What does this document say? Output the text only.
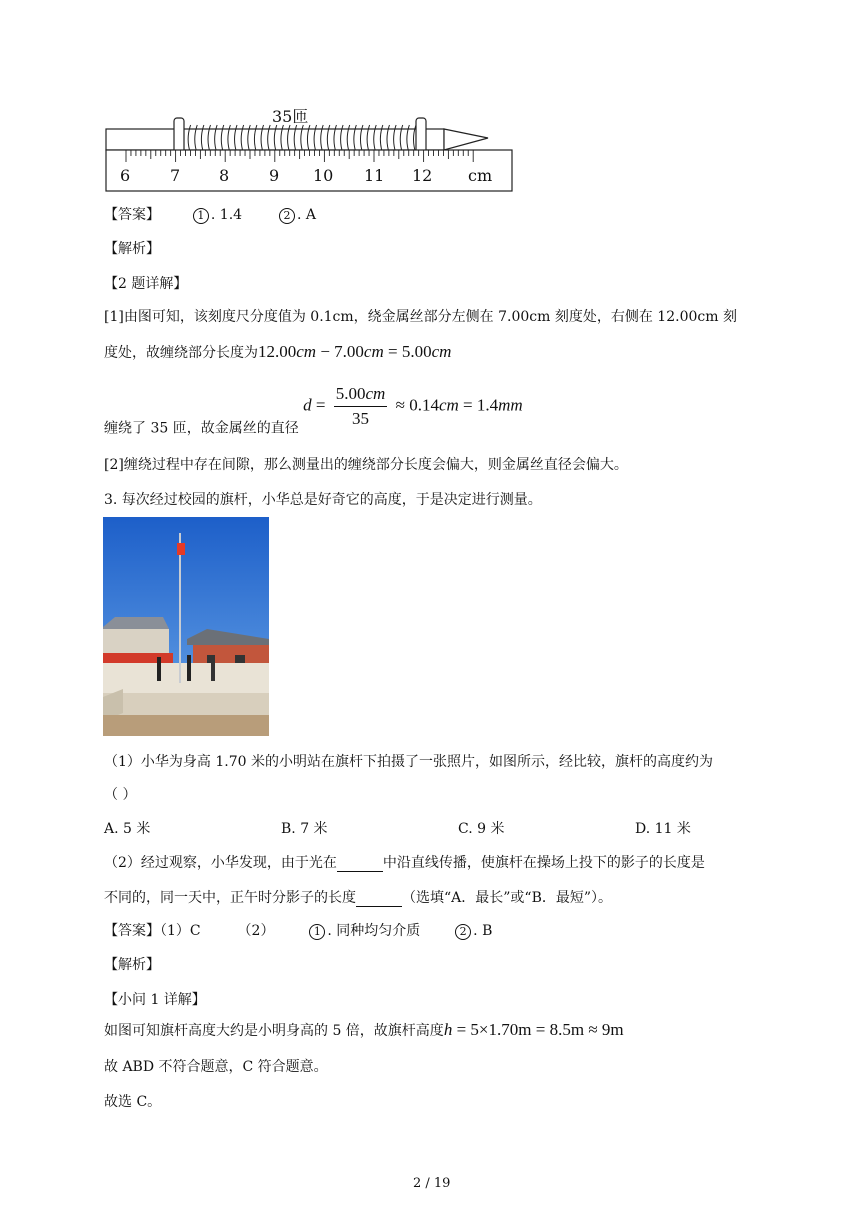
35匝
6 7 8 9 10 11 12 cm
【答案】	1 . 1.4	2 . A
【解析】
【2 题详解】
[1]由图可知，该刻度尺分度值为 0.1cm，绕金属丝部分左侧在 7.00cm 刻度处，右侧在 12.00cm 刻
度处，故缠绕部分长度为12.00cm − 7.00cm = 5.00cm
缠绕了 35 匝，故金属丝的直径 $d = \frac{5.00cm}{35} \approx 0.14cm = 1.4mm$
[2]缠绕过程中存在间隙，那么测量出的缠绕部分长度会偏大，则金属丝直径会偏大。
3. 每次经过校园的旗杆，小华总是好奇它的高度，于是决定进行测量。
（1）小华为身高 1.70 米的小明站在旗杆下拍摄了一张照片，如图所示，经比较，旗杆的高度约为
（ ）
A. 5 米	B. 7 米	C. 9 米	D. 11 米
（2）经过观察，小华发现，由于光在	中沿直线传播，使旗杆在操场上投下的影子的长度是
不同的，同一天中，正午时分影子的长度	（选填“A．最长”或“B．最短”）。
【答案】（1）C	（2）	1 . 同种均匀介质	2 . B
【解析】
【小问 1 详解】
如图可知旗杆高度大约是小明身高的 5 倍，故旗杆高度h = 5×1.70m = 8.5m ≈ 9m
故 ABD 不符合题意，C 符合题意。
故选 C。
2 / 19
